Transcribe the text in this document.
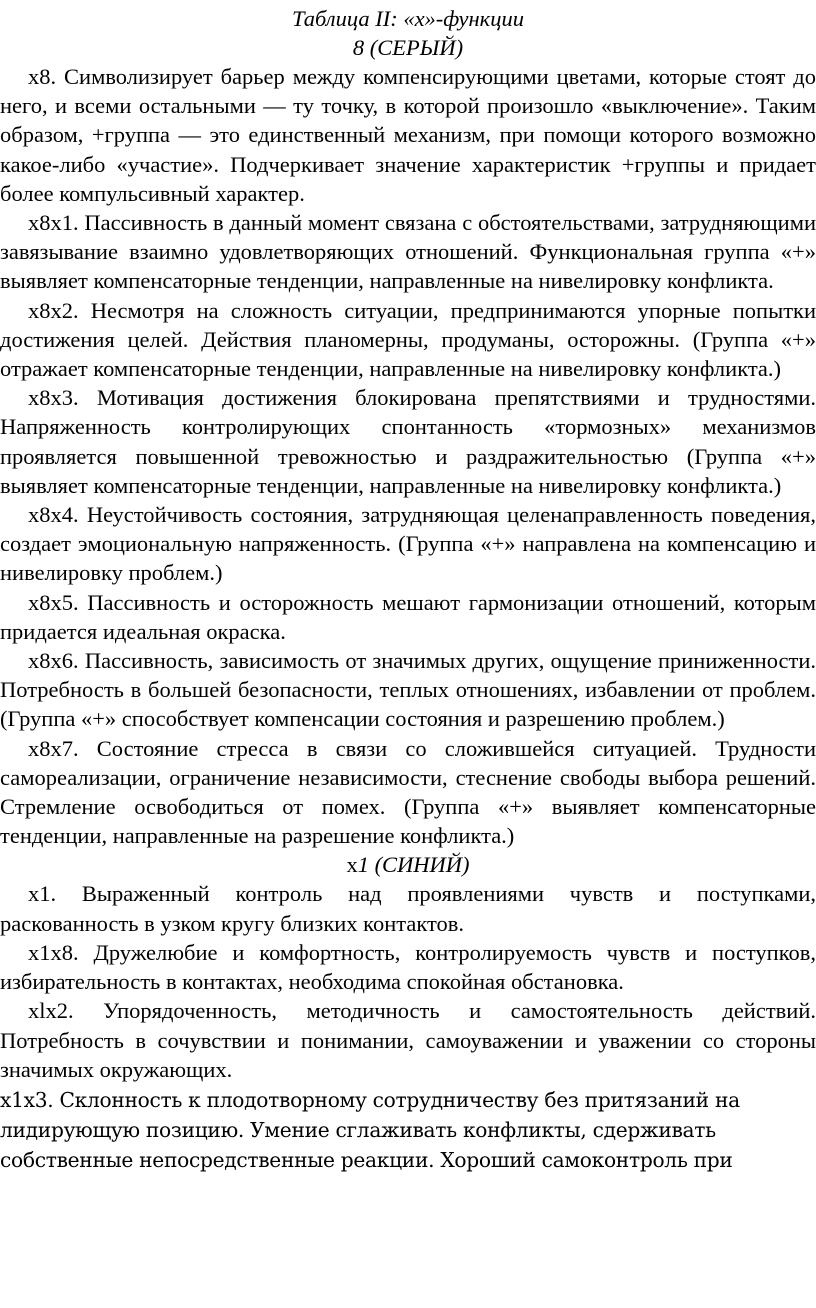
Таблица II: «х»-функции
8 (СЕРЫЙ)

х8. Символизирует барьер между компенсирующими цветами, которые стоят до него, и всеми остальными — ту точку, в которой произошло «выключение». Таким образом, +группа — это единственный механизм, при помощи которого возможно какое-либо «участие». Подчеркивает значение характеристик +группы и придает более компульсивный характер.

х8х1. Пассивность в данный момент связана с обстоятельствами, затрудняющими завязывание взаимно удовлетворяющих отношений. Функциональная группа «+» выявляет компенсаторные тенденции, направленные на нивелировку конфликта.

х8х2. Несмотря на сложность ситуации, предпринимаются упорные попытки достижения целей. Действия планомерны, продуманы, осторожны. (Группа «+» отражает компенсаторные тенденции, направленные на нивелировку конфликта.)

х8х3. Мотивация достижения блокирована препятствиями и трудностями. Напряженность контролирующих спонтанность «тормозных» механизмов проявляется повышенной тревожностью и раздражительностью (Группа «+» выявляет компенсаторные тенденции, направленные на нивелировку конфликта.)

х8х4. Неустойчивость состояния, затрудняющая целенаправленность поведения, создает эмоциональную напряженность. (Группа «+» направлена на компенсацию и нивелировку проблем.)

х8х5. Пассивность и осторожность мешают гармонизации отношений, которым придается идеальная окраска.

х8х6. Пассивность, зависимость от значимых других, ощущение приниженности. Потребность в большей безопасности, теплых отношениях, избавлении от проблем. (Группа «+» способствует компенсации состояния и разрешению проблем.)

х8х7. Состояние стресса в связи со сложившейся ситуацией. Трудности самореализации, ограничение независимости, стеснение свободы выбора решений. Стремление освободиться от помех. (Группа «+» выявляет компенсаторные тенденции, направленные на разрешение конфликта.)

х1 (СИНИЙ)

х1. Выраженный контроль над проявлениями чувств и поступками, раскованность в узком кругу близких контактов.

х1х8. Дружелюбие и комфортность, контролируемость чувств и поступков, избирательность в контактах, необходима спокойная обстановка.

хlх2. Упорядоченность, методичность и самостоятельность действий. Потребность в сочувствии и понимании, самоуважении и уважении со стороны значимых окружающих.

х1х3. Склонность к плодотворному сотрудничеству без притязаний на
лидирующую позицию. Умение сглаживать конфликты, сдерживать
собственные непосредственные реакции. Хороший самоконтроль при
